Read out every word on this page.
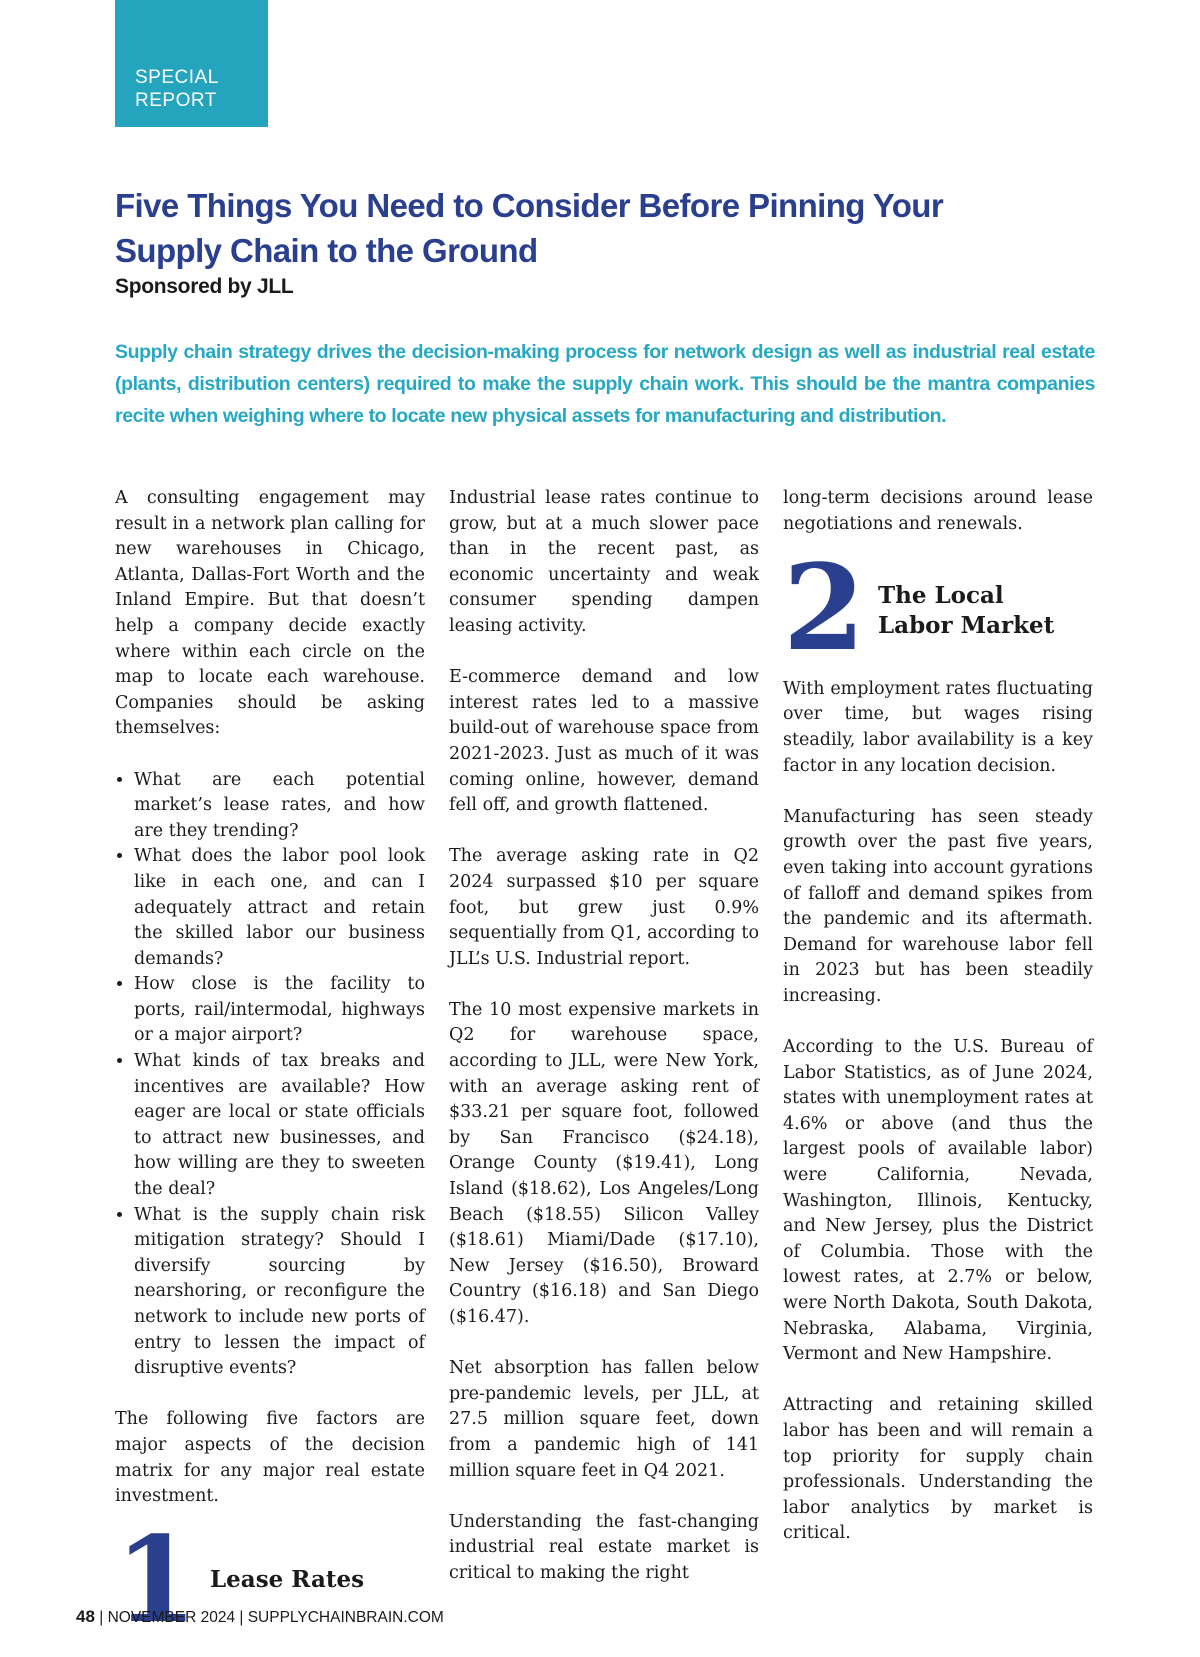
SPECIAL
REPORT
Five Things You Need to Consider Before Pinning Your Supply Chain to the Ground
Sponsored by JLL

Supply chain strategy drives the decision-making process for network design as well as industrial real estate (plants, distribution centers) required to make the supply chain work. This should be the mantra companies recite when weighing where to locate new physical assets for manufacturing and distribution.

A consulting engagement may result in a network plan calling for new warehouses in Chicago, Atlanta, Dallas-Fort Worth and the Inland Empire. But that doesn’t help a company decide exactly where within each circle on the map to locate each warehouse. Companies should be asking themselves:

• What are each potential market’s lease rates, and how are they trending?
• What does the labor pool look like in each one, and can I adequately attract and retain the skilled labor our business demands?
• How close is the facility to ports, rail/intermodal, highways or a major airport?
• What kinds of tax breaks and incentives are available? How eager are local or state officials to attract new businesses, and how willing are they to sweeten the deal?
• What is the supply chain risk mitigation strategy? Should I diversify sourcing by nearshoring, or reconfigure the network to include new ports of entry to lessen the impact of disruptive events?

The following five factors are major aspects of the decision matrix for any major real estate investment.

1 Lease Rates

Industrial lease rates continue to grow, but at a much slower pace than in the recent past, as economic uncertainty and weak consumer spending dampen leasing activity.

E-commerce demand and low interest rates led to a massive build-out of warehouse space from 2021-2023. Just as much of it was coming online, however, demand fell off, and growth flattened.

The average asking rate in Q2 2024 surpassed $10 per square foot, but grew just 0.9% sequentially from Q1, according to JLL’s U.S. Industrial report.

The 10 most expensive markets in Q2 for warehouse space, according to JLL, were New York, with an average asking rent of $33.21 per square foot, followed by San Francisco ($24.18), Orange County ($19.41), Long Island ($18.62), Los Angeles/Long Beach ($18.55) Silicon Valley ($18.61) Miami/Dade ($17.10), New Jersey ($16.50), Broward Country ($16.18) and San Diego ($16.47).

Net absorption has fallen below pre-pandemic levels, per JLL, at 27.5 million square feet, down from a pandemic high of 141 million square feet in Q4 2021.

Understanding the fast-changing industrial real estate market is critical to making the right

long-term decisions around lease negotiations and renewals.

2 The Local
Labor Market

With employment rates fluctuating over time, but wages rising steadily, labor availability is a key factor in any location decision.

Manufacturing has seen steady growth over the past five years, even taking into account gyrations of falloff and demand spikes from the pandemic and its aftermath. Demand for warehouse labor fell in 2023 but has been steadily increasing.

According to the U.S. Bureau of Labor Statistics, as of June 2024, states with unemployment rates at 4.6% or above (and thus the largest pools of available labor) were California, Nevada, Washington, Illinois, Kentucky, and New Jersey, plus the District of Columbia. Those with the lowest rates, at 2.7% or below, were North Dakota, South Dakota, Nebraska, Alabama, Virginia, Vermont and New Hampshire.

Attracting and retaining skilled labor has been and will remain a top priority for supply chain professionals. Understanding the labor analytics by market is critical.

48 | NOVEMBER 2024 | SUPPLYCHAINBRAIN.COM
